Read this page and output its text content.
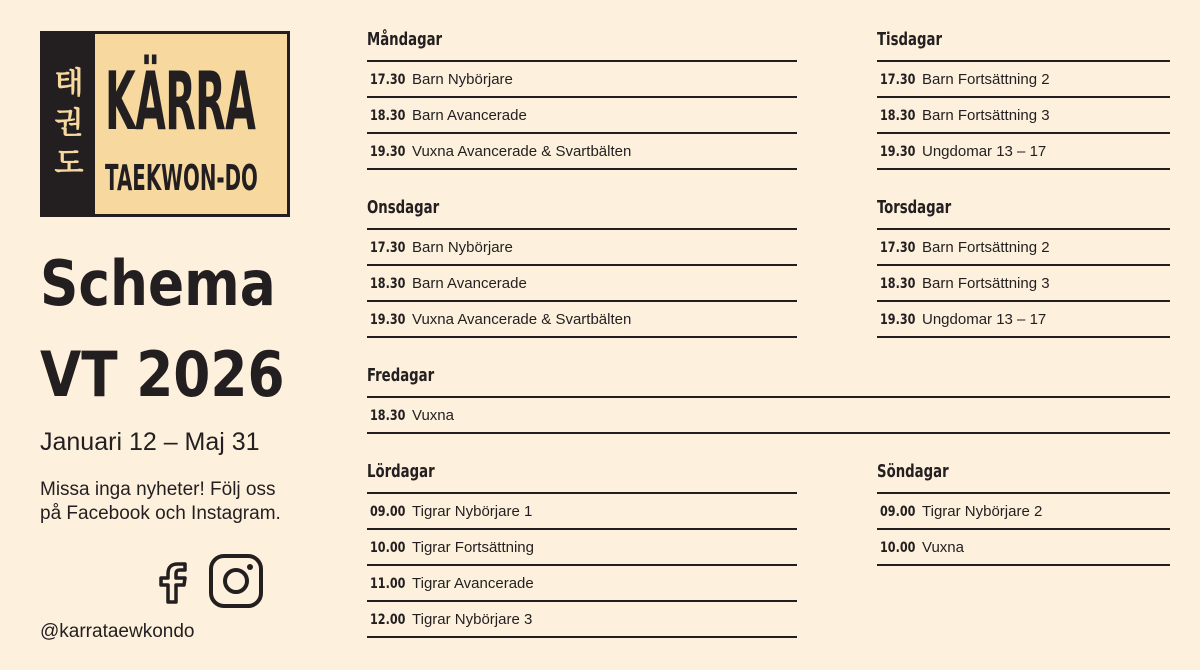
태
권
도
KÄRRA
TAEKWON-DO
Schema
VT 2026
Januari 12 – Maj 31
Missa inga nyheter! Följ oss på Facebook och Instagram.
@karrataewkondo
Måndagar
17.30 Barn Nybörjare
18.30 Barn Avancerade
19.30 Vuxna Avancerade & Svartbälten
Tisdagar
17.30 Barn Fortsättning 2
18.30 Barn Fortsättning 3
19.30 Ungdomar 13 – 17
Onsdagar
17.30 Barn Nybörjare
18.30 Barn Avancerade
19.30 Vuxna Avancerade & Svartbälten
Torsdagar
17.30 Barn Fortsättning 2
18.30 Barn Fortsättning 3
19.30 Ungdomar 13 – 17
Fredagar
18.30 Vuxna
Lördagar
09.00 Tigrar Nybörjare 1
10.00 Tigrar Fortsättning
11.00 Tigrar Avancerade
12.00 Tigrar Nybörjare 3
Söndagar
09.00 Tigrar Nybörjare 2
10.00 Vuxna
